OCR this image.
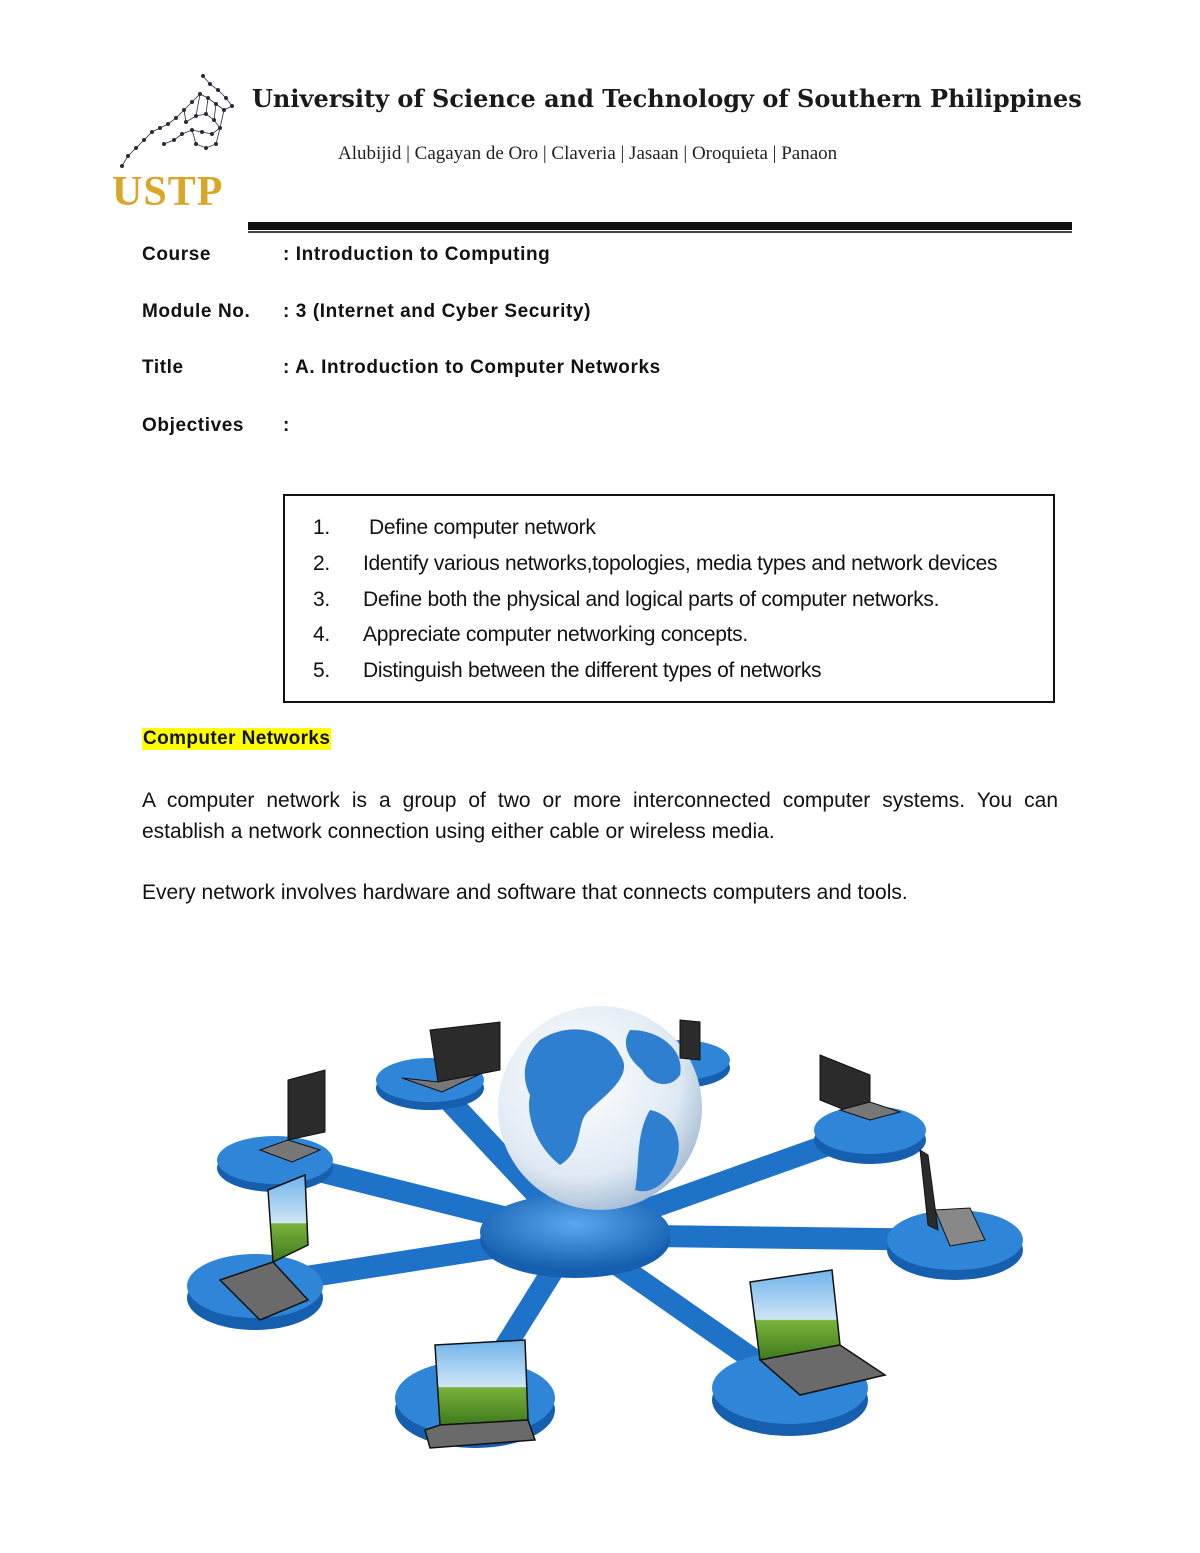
USTP
University of Science and Technology of Southern Philippines
Alubijid | Cagayan de Oro | Claveria | Jasaan | Oroquieta | Panaon
Course	: Introduction to Computing
Module No. : 3 (Internet and Cyber Security)
Title	: A. Introduction to Computer Networks
Objectives :
1. Define computer network
2. Identify various networks,topologies, media types and network devices
3. Define both the physical and logical parts of computer networks.
4. Appreciate computer networking concepts.
5. Distinguish between the different types of networks
Computer Networks
A computer network is a group of two or more interconnected computer systems. You can establish a network connection using either cable or wireless media.
Every network involves hardware and software that connects computers and tools.
